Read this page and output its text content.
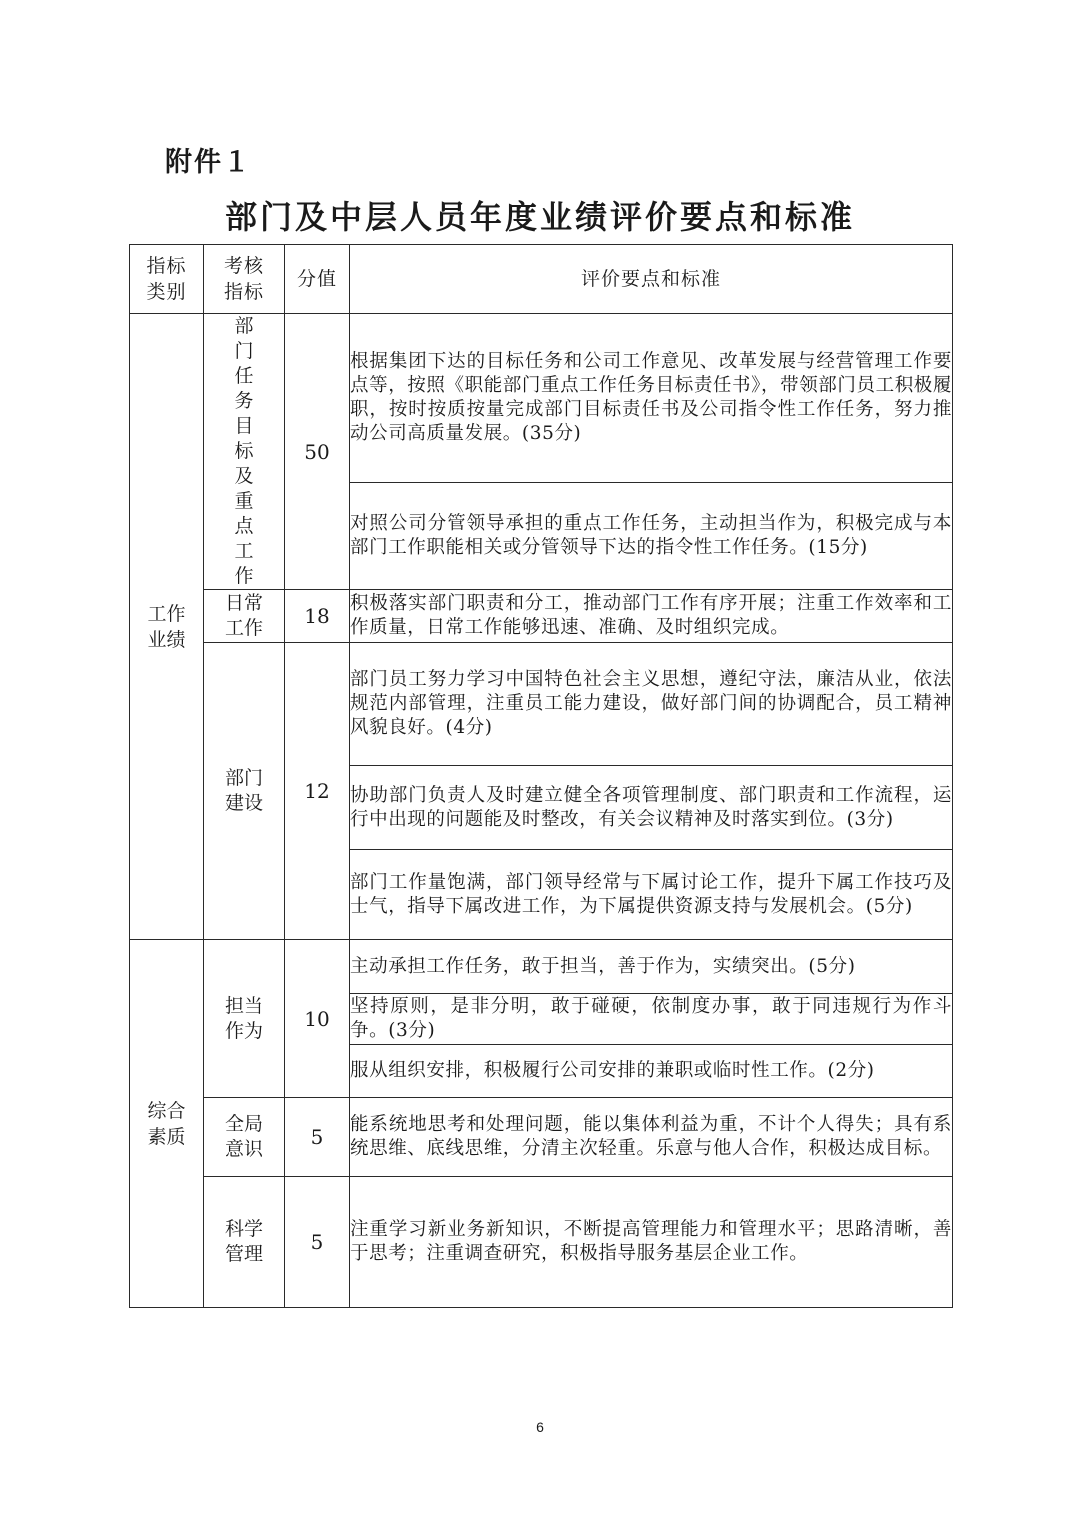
附件１
部门及中层人员年度业绩评价要点和标准
指标类别	考核指标	分值	评价要点和标准

工作业绩	部门任务目标及重点工作	50	根据集团下达的目标任务和公司工作意见、改革发展与经营管理工作要点等，按照《职能部门重点工作任务目标责任书》，带领部门员工积极履职，按时按质按量完成部门目标责任书及公司指令性工作任务，努力推动公司高质量发展。(35分)
			对照公司分管领导承担的重点工作任务，主动担当作为，积极完成与本部门工作职能相关或分管领导下达的指令性工作任务。(15分)

	日常工作	18	积极落实部门职责和分工，推动部门工作有序开展；注重工作效率和工作质量，日常工作能够迅速、准确、及时组织完成。

	部门建设	12	部门员工努力学习中国特色社会主义思想，遵纪守法，廉洁从业，依法规范内部管理，注重员工能力建设，做好部门间的协调配合，员工精神风貌良好。(4分)
			协助部门负责人及时建立健全各项管理制度、部门职责和工作流程，运行中出现的问题能及时整改，有关会议精神及时落实到位。(3分)
			部门工作量饱满，部门领导经常与下属讨论工作，提升下属工作技巧及士气，指导下属改进工作，为下属提供资源支持与发展机会。(5分)

综合素质	担当作为	10	主动承担工作任务，敢于担当，善于作为，实绩突出。(5分)
			坚持原则，是非分明，敢于碰硬，依制度办事，敢于同违规行为作斗争。(3分)
			服从组织安排，积极履行公司安排的兼职或临时性工作。(2分)

	全局意识	5	能系统地思考和处理问题，能以集体利益为重，不计个人得失；具有系统思维、底线思维，分清主次轻重。乐意与他人合作，积极达成目标。

	科学管理	5	注重学习新业务新知识，不断提高管理能力和管理水平；思路清晰，善于思考；注重调查研究，积极指导服务基层企业工作。
6
